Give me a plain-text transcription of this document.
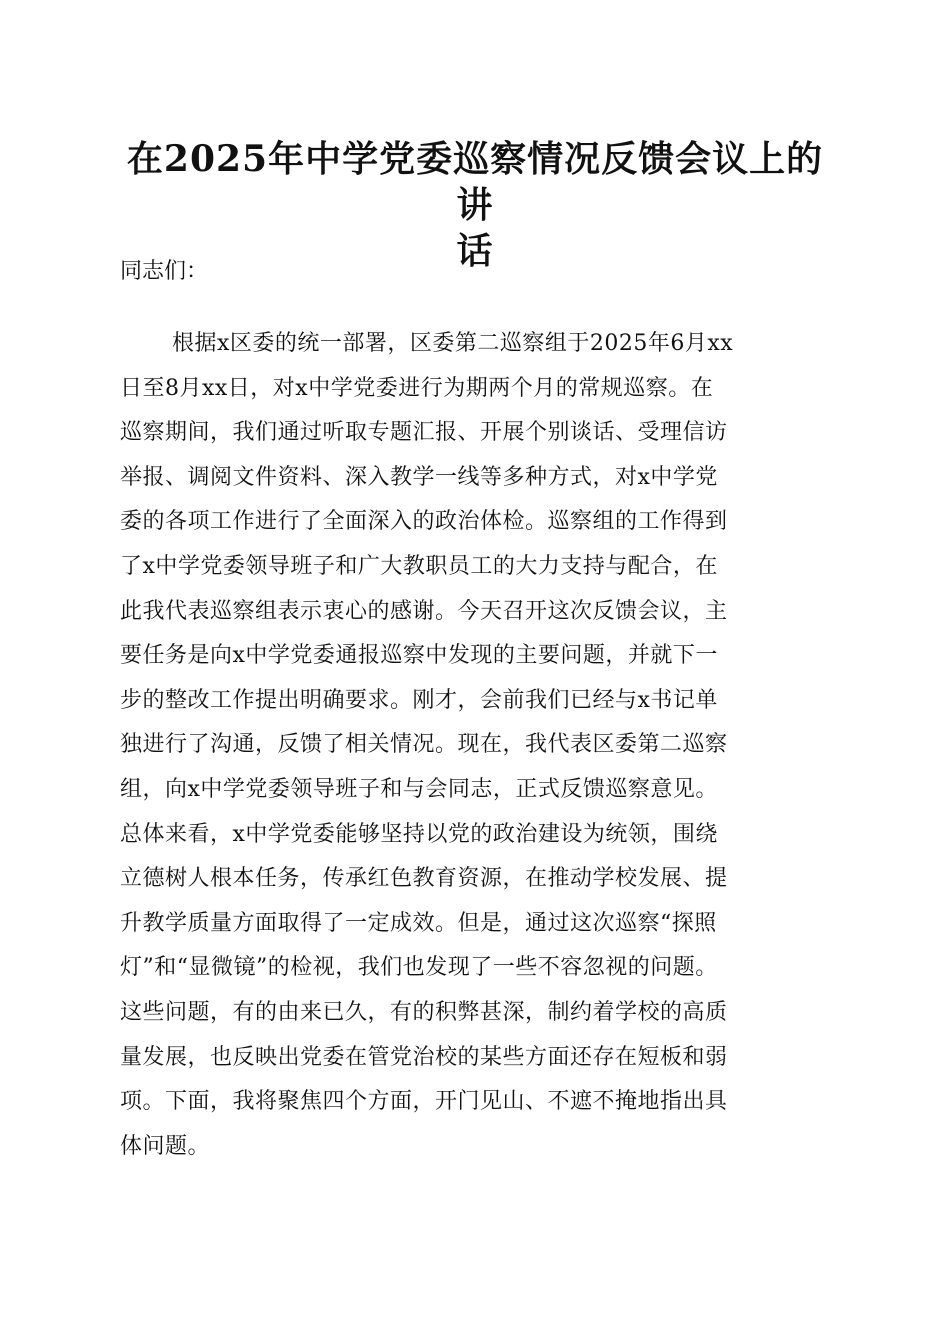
在2025年中学党委巡察情况反馈会议上的讲
话

同志们：

根据x区委的统一部署，区委第二巡察组于2025年6月xx
日至8月xx日，对x中学党委进行为期两个月的常规巡察。在
巡察期间，我们通过听取专题汇报、开展个别谈话、受理信访
举报、调阅文件资料、深入教学一线等多种方式，对x中学党
委的各项工作进行了全面深入的政治体检。巡察组的工作得到
了x中学党委领导班子和广大教职员工的大力支持与配合，在
此我代表巡察组表示衷心的感谢。今天召开这次反馈会议，主
要任务是向x中学党委通报巡察中发现的主要问题，并就下一
步的整改工作提出明确要求。刚才，会前我们已经与x书记单
独进行了沟通，反馈了相关情况。现在，我代表区委第二巡察
组，向x中学党委领导班子和与会同志，正式反馈巡察意见。
总体来看，x中学党委能够坚持以党的政治建设为统领，围绕
立德树人根本任务，传承红色教育资源，在推动学校发展、提
升教学质量方面取得了一定成效。但是，通过这次巡察“探照
灯”和“显微镜”的检视，我们也发现了一些不容忽视的问题。
这些问题，有的由来已久，有的积弊甚深，制约着学校的高质
量发展，也反映出党委在管党治校的某些方面还存在短板和弱
项。下面，我将聚焦四个方面，开门见山、不遮不掩地指出具
体问题。
